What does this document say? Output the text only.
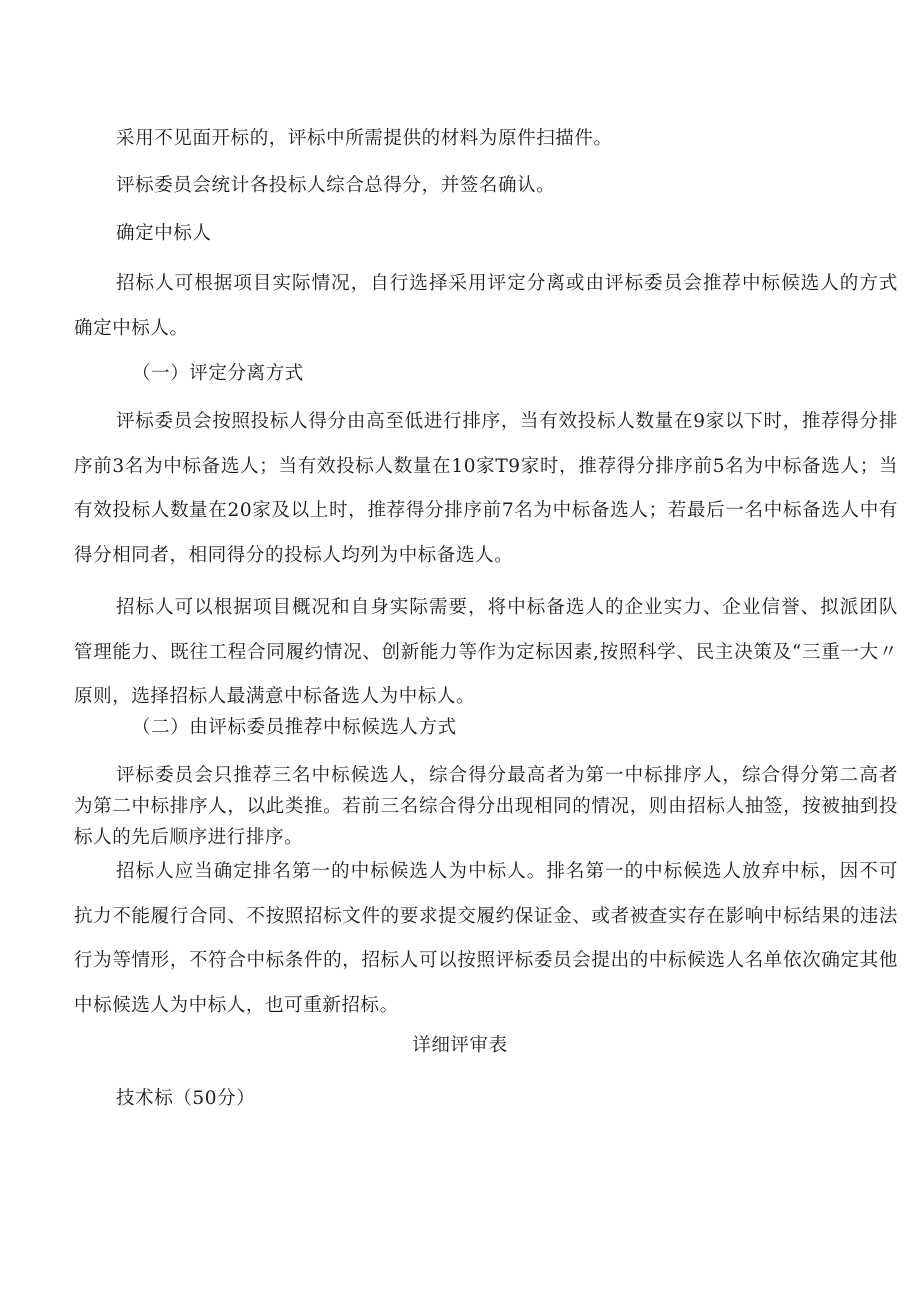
采用不见面开标的，评标中所需提供的材料为原件扫描件。

评标委员会统计各投标人综合总得分，并签名确认。

确定中标人

招标人可根据项目实际情况，自行选择采用评定分离或由评标委员会推荐中标候选人的方式确定中标人。

（一）评定分离方式

评标委员会按照投标人得分由高至低进行排序，当有效投标人数量在9家以下时，推荐得分排序前3名为中标备选人；当有效投标人数量在10家T9家时，推荐得分排序前5名为中标备选人；当有效投标人数量在20家及以上时，推荐得分排序前7名为中标备选人；若最后一名中标备选人中有得分相同者，相同得分的投标人均列为中标备选人。

招标人可以根据项目概况和自身实际需要，将中标备选人的企业实力、企业信誉、拟派团队管理能力、既往工程合同履约情况、创新能力等作为定标因素,按照科学、民主决策及“三重一大〃原则，选择招标人最满意中标备选人为中标人。

（二）由评标委员推荐中标候选人方式

评标委员会只推荐三名中标候选人，综合得分最高者为第一中标排序人，综合得分第二高者为第二中标排序人，以此类推。若前三名综合得分出现相同的情况，则由招标人抽签，按被抽到投标人的先后顺序进行排序。

招标人应当确定排名第一的中标候选人为中标人。排名第一的中标候选人放弃中标，因不可抗力不能履行合同、不按照招标文件的要求提交履约保证金、或者被查实存在影响中标结果的违法行为等情形，不符合中标条件的，招标人可以按照评标委员会提出的中标候选人名单依次确定其他中标候选人为中标人，也可重新招标。

详细评审表

技术标（50分）
